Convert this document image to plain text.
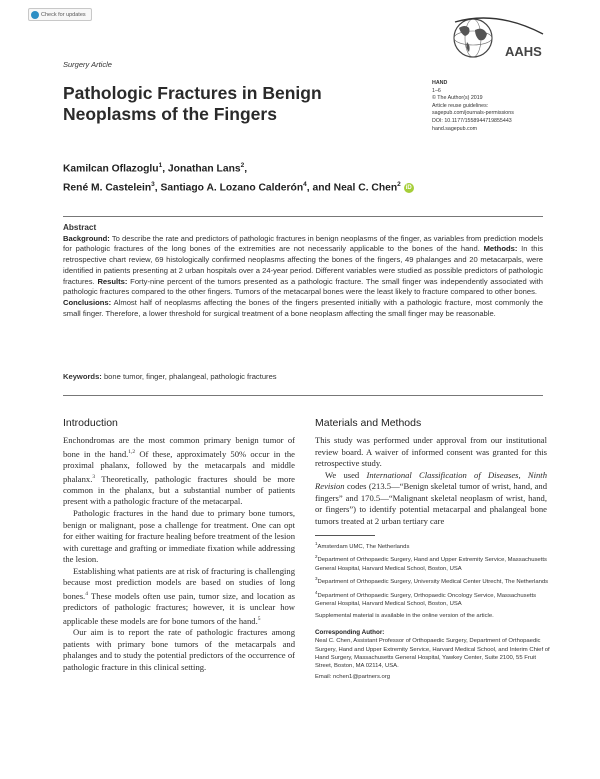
Check for updates
Surgery Article
Pathologic Fractures in Benign Neoplasms of the Fingers
AAHS
HAND
1–6
© The Author(s) 2019
Article reuse guidelines:
sagepub.com/journals-permissions
DOI: 10.1177/1558944719855443
hand.sagepub.com
Kamilcan Oflazoglu$^1$, Jonathan Lans$^2$,
René M. Castelein$^3$, Santiago A. Lozano Calderón$^4$, and Neal C. Chen$^2$ iD
Abstract

Background: To describe the rate and predictors of pathologic fractures in benign neoplasms of the finger, as variables from prediction models for pathologic fractures of the long bones of the extremities are not necessarily applicable to the bones of the hand. Methods: In this retrospective chart review, 69 histologically confirmed neoplasms affecting the bones of the fingers, 49 phalanges and 20 metacarpals, were identified in patients presenting at 2 urban hospitals over a 24-year period. Different variables were studied as possible predictors of pathologic fractures. Results: Forty-nine percent of the tumors presented as a pathologic fracture. The small finger was independently associated with pathologic fractures compared to the other fingers. Tumors of the metacarpal bones were the least likely to fracture compared to other bones.

Conclusions: Almost half of neoplasms affecting the bones of the fingers presented initially with a pathologic fracture, most commonly the small finger. Therefore, a lower threshold for surgical treatment of a bone neoplasm affecting the small finger may be reasonable.

Keywords: bone tumor, finger, phalangeal, pathologic fractures
Introduction	Materials and Methods

Enchondromas are the most common primary benign tumor of bone in the hand.$^{1,2}$ Of these, approximately 50% occur in the proximal phalanx, followed by the metacarpals and middle phalanx.$^3$ Theoretically, pathologic fractures should be more common in the phalanx, but a substantial number of patients present with a pathologic fracture of the metacarpal.

Pathologic fractures in the hand due to primary bone tumors, benign or malignant, pose a challenge for treatment. One can opt for either waiting for fracture healing before treatment of the lesion with curettage and grafting or immediate fixation while addressing the lesion.

Establishing what patients are at risk of fracturing is challenging because most prediction models are based on studies of long bones.$^4$ These models often use pain, tumor size, and location as predictors of pathologic fractures; however, it is unclear how applicable these models are for bone tumors of the hand.$^5$

Our aim is to report the rate of pathologic fractures among patients with primary bone tumors of the metacarpals and phalanges and to study the potential predictors of the occurrence of pathologic fracture in this clinical setting.

This study was performed under approval from our institutional review board. A waiver of informed consent was granted for this retrospective study.

We used International Classification of Diseases, Ninth Revision codes (213.5—“Benign skeletal tumor of wrist, hand, and fingers” and 170.5—“Malignant skeletal neoplasm of wrist, hand, or fingers”) to identify potential metacarpal and phalangeal bone tumors treated at 2 urban tertiary care

$^1$Amsterdam UMC, The Netherlands

$^2$Department of Orthopaedic Surgery, Hand and Upper Extremity Service, Massachusetts General Hospital, Harvard Medical School, Boston, USA

$^3$Department of Orthopaedic Surgery, University Medical Center Utrecht, The Netherlands

$^4$Department of Orthopaedic Surgery, Orthopaedic Oncology Service, Massachusetts General Hospital, Harvard Medical School, Boston, USA

Supplemental material is available in the online version of the article.

Corresponding Author:

Neal C. Chen, Assistant Professor of Orthopaedic Surgery, Department of Orthopaedic Surgery, Hand and Upper Extremity Service, Harvard Medical School, and Interim Chief of Hand Surgery, Massachusetts General Hospital, Yawkey Center, Suite 2100, 55 Fruit Street, Boston, MA 02114, USA.

Email: nchen1@partners.org
